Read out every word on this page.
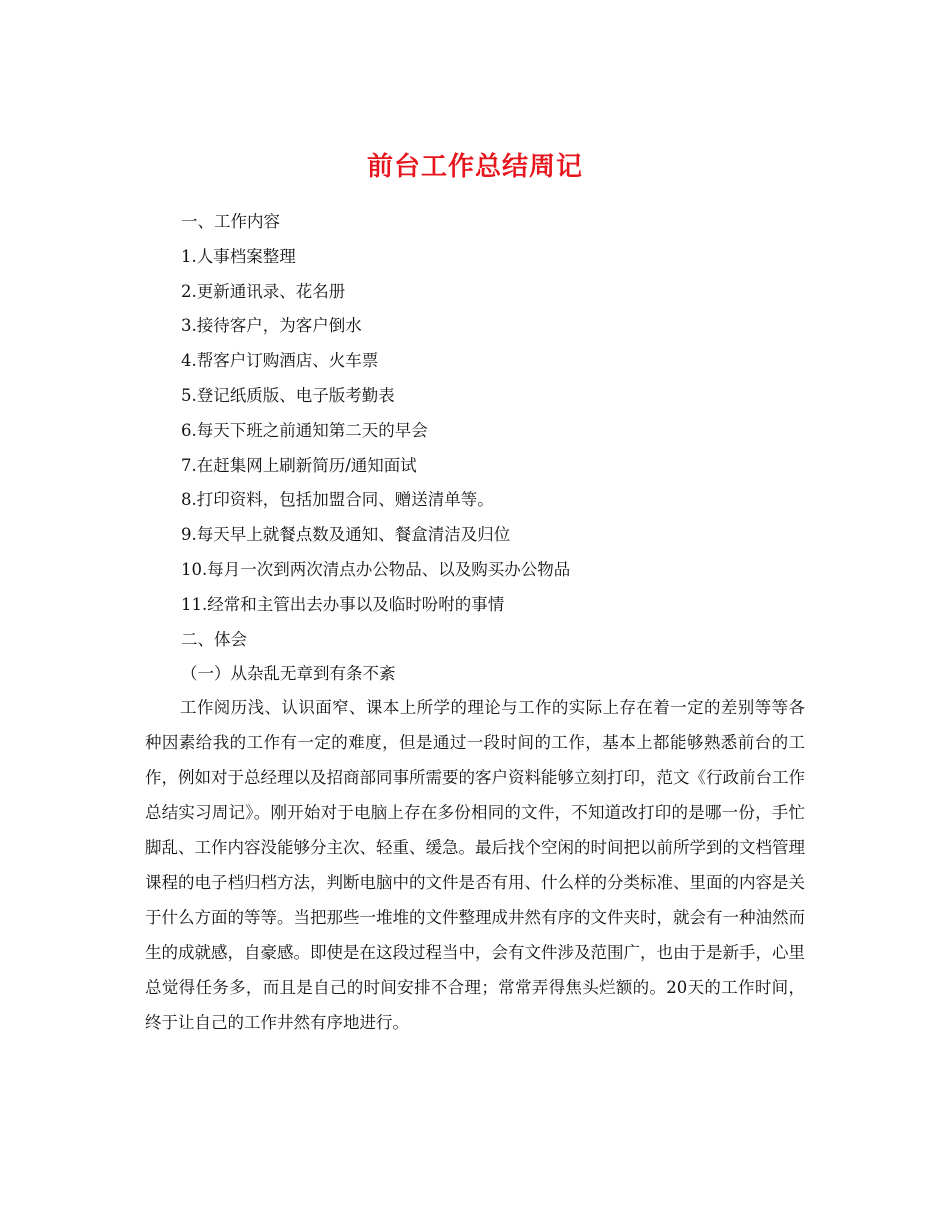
前台工作总结周记
一、工作内容
1.人事档案整理
2.更新通讯录、花名册
3.接待客户，为客户倒水
4.帮客户订购酒店、火车票
5.登记纸质版、电子版考勤表
6.每天下班之前通知第二天的早会
7.在赶集网上刷新简历/通知面试
8.打印资料，包括加盟合同、赠送清单等。
9.每天早上就餐点数及通知、餐盒清洁及归位
10.每月一次到两次清点办公物品、以及购买办公物品
11.经常和主管出去办事以及临时吩咐的事情
二、体会
（一）从杂乱无章到有条不紊

工作阅历浅、认识面窄、课本上所学的理论与工作的实际上存在着一定的差别等等各种因素给我的工作有一定的难度，但是通过一段时间的工作，基本上都能够熟悉前台的工作，例如对于总经理以及招商部同事所需要的客户资料能够立刻打印，范文《行政前台工作总结实习周记》。刚开始对于电脑上存在多份相同的文件，不知道改打印的是哪一份，手忙脚乱、工作内容没能够分主次、轻重、缓急。最后找个空闲的时间把以前所学到的文档管理课程的电子档归档方法，判断电脑中的文件是否有用、什么样的分类标准、里面的内容是关于什么方面的等等。当把那些一堆堆的文件整理成井然有序的文件夹时，就会有一种油然而生的成就感，自豪感。即使是在这段过程当中，会有文件涉及范围广，也由于是新手，心里总觉得任务多，而且是自己的时间安排不合理；常常弄得焦头烂额的。20天的工作时间，终于让自己的工作井然有序地进行。
